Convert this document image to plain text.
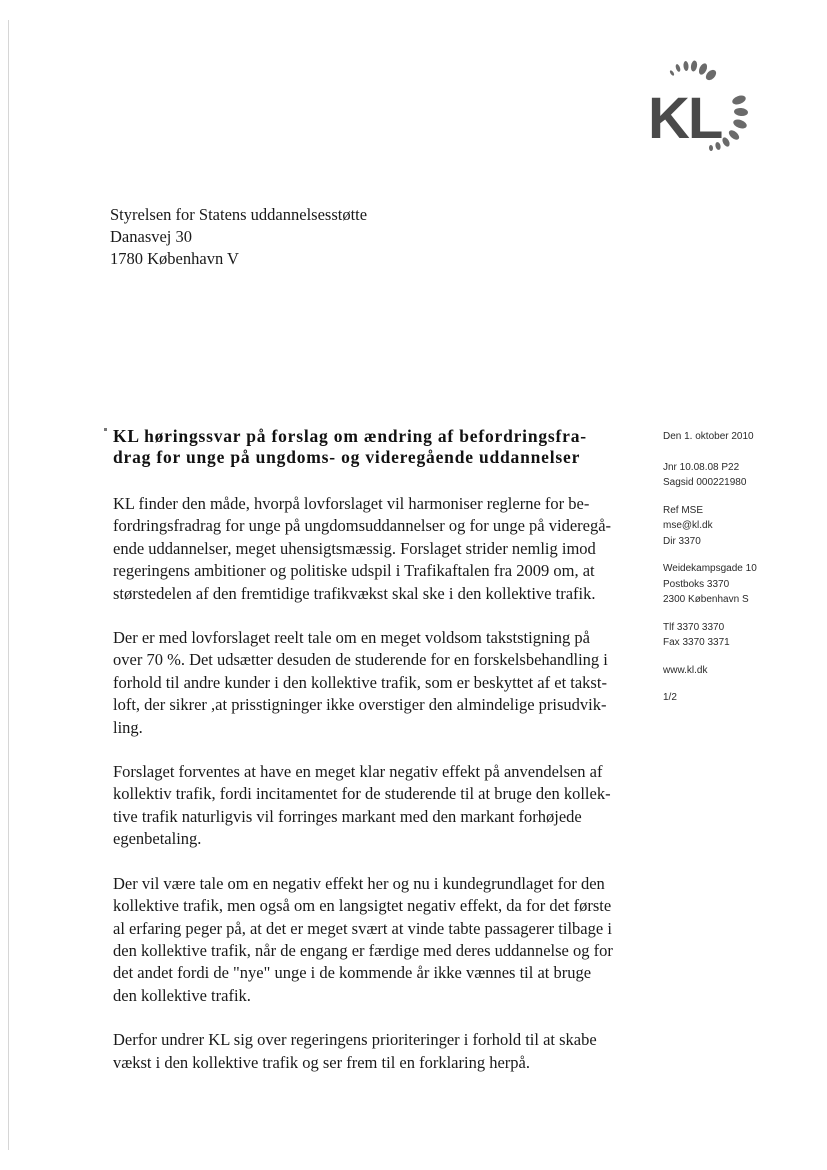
KL
Styrelsen for Statens uddannelsesstøtte
Danasvej 30
1780 København V
KL høringssvar på forslag om ændring af befordringsfra-
drag for unge på ungdoms- og videregående uddannelser
KL finder den måde, hvorpå lovforslaget vil harmoniser reglerne for be-
fordringsfradrag for unge på ungdomsuddannelser og for unge på videregå-
ende uddannelser, meget uhensigtsmæssig. Forslaget strider nemlig imod
regeringens ambitioner og politiske udspil i Trafikaftalen fra 2009 om, at
størstedelen af den fremtidige trafikvækst skal ske i den kollektive trafik.
Der er med lovforslaget reelt tale om en meget voldsom takststigning på
over 70 %. Det udsætter desuden de studerende for en forskelsbehandling i
forhold til andre kunder i den kollektive trafik, som er beskyttet af et takst-
loft, der sikrer ,at prisstigninger ikke overstiger den almindelige prisudvik-
ling.
Forslaget forventes at have en meget klar negativ effekt på anvendelsen af
kollektiv trafik, fordi incitamentet for de studerende til at bruge den kollek-
tive trafik naturligvis vil forringes markant med den markant forhøjede
egenbetaling.
Der vil være tale om en negativ effekt her og nu i kundegrundlaget for den
kollektive trafik, men også om en langsigtet negativ effekt, da for det første
al erfaring peger på, at det er meget svært at vinde tabte passagerer tilbage i
den kollektive trafik, når de engang er færdige med deres uddannelse og for
det andet fordi de "nye" unge i de kommende år ikke vænnes til at bruge
den kollektive trafik.
Derfor undrer KL sig over regeringens prioriteringer i forhold til at skabe
vækst i den kollektive trafik og ser frem til en forklaring herpå.
Den 1. oktober 2010
Jnr 10.08.08 P22
Sagsid 000221980
Ref MSE
mse@kl.dk
Dir 3370
Weidekampsgade 10
Postboks 3370
2300 København S
Tlf 3370 3370
Fax 3370 3371
www.kl.dk
1/2
